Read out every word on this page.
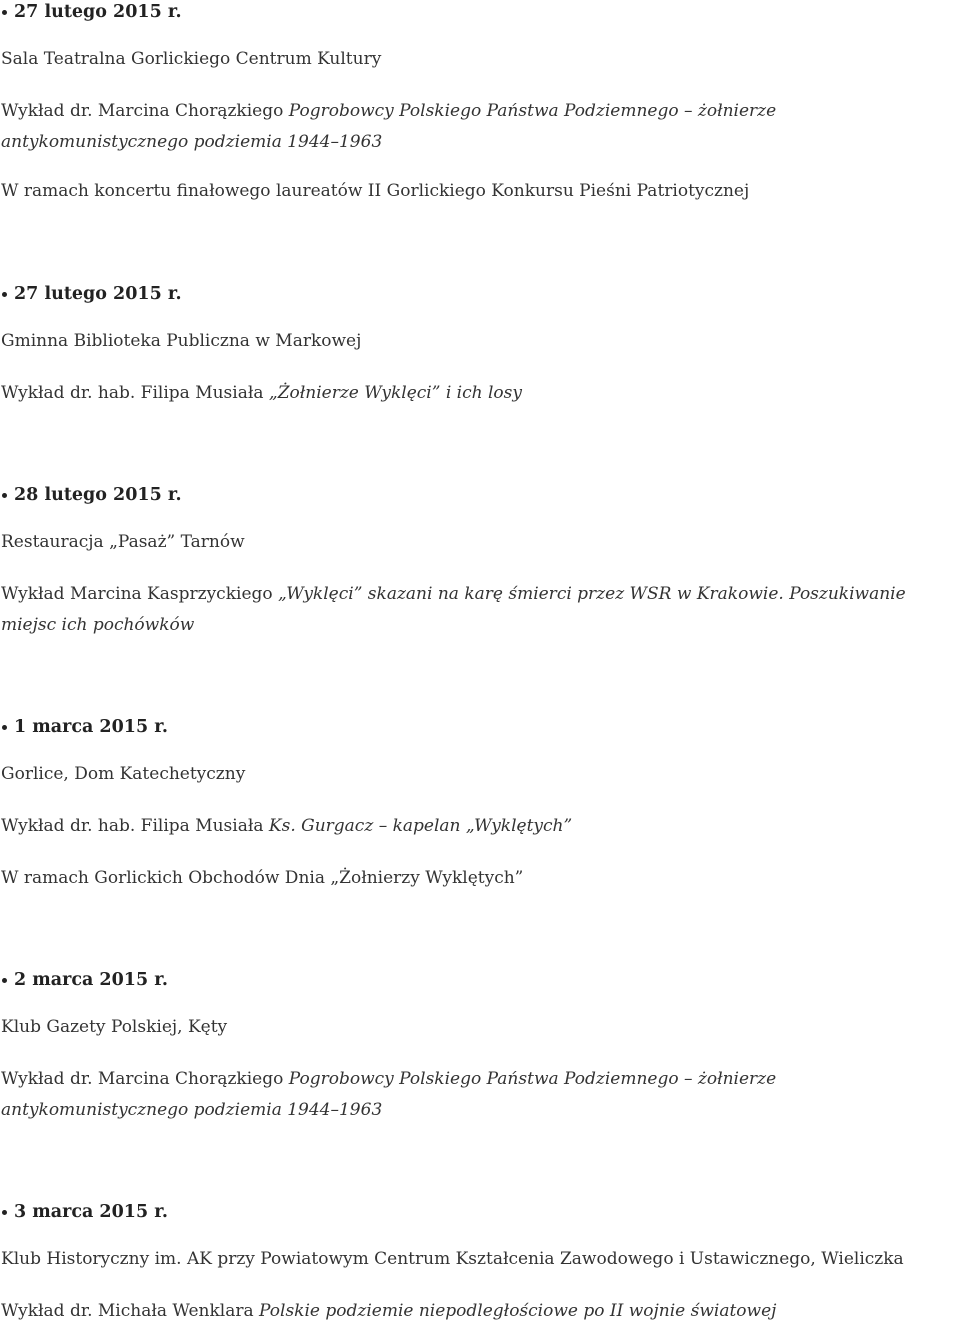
27 lutego 2015 r.
Sala Teatralna Gorlickiego Centrum Kultury
Wykład dr. Marcina Chorązkiego Pogrobowcy Polskiego Państwa Podziemnego – żołnierze antykomunistycznego podziemia 1944–1963
W ramach koncertu finałowego laureatów II Gorlickiego Konkursu Pieśni Patriotycznej
27 lutego 2015 r.
Gminna Biblioteka Publiczna w Markowej
Wykład dr. hab. Filipa Musiała „Żołnierze Wyklęci” i ich losy
28 lutego 2015 r.
Restauracja „Pasaż” Tarnów
Wykład Marcina Kasprzyckiego „Wyklęci” skazani na karę śmierci przez WSR w Krakowie. Poszukiwanie miejsc ich pochówków
1 marca 2015 r.
Gorlice, Dom Katechetyczny
Wykład dr. hab. Filipa Musiała Ks. Gurgacz – kapelan „Wyklętych”
W ramach Gorlickich Obchodów Dnia „Żołnierzy Wyklętych”
2 marca 2015 r.
Klub Gazety Polskiej, Kęty
Wykład dr. Marcina Chorązkiego Pogrobowcy Polskiego Państwa Podziemnego – żołnierze antykomunistycznego podziemia 1944–1963
3 marca 2015 r.
Klub Historyczny im. AK przy Powiatowym Centrum Kształcenia Zawodowego i Ustawicznego, Wieliczka
Wykład dr. Michała Wenklara Polskie podziemie niepodległościowe po II wojnie światowej
